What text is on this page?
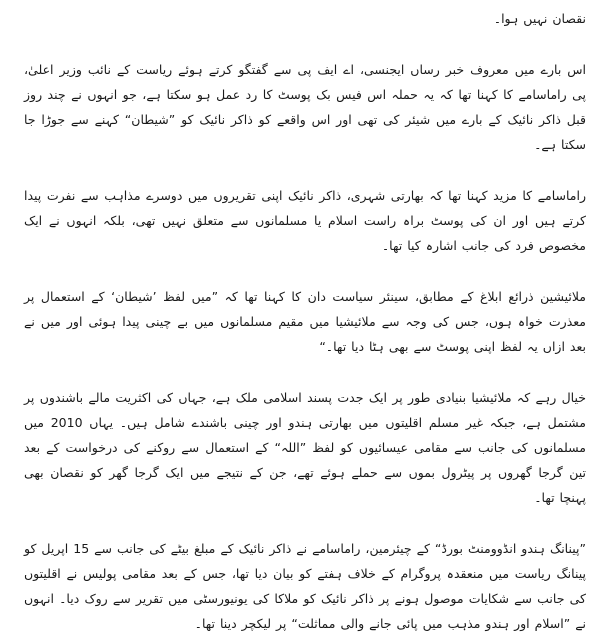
نقصان نہیں ہوا۔

اس بارے میں معروف خبر رساں ایجنسی، اے ایف پی سے گفتگو کرتے ہوئے ریاست کے نائب وزیر اعلیٰ، پی راماسامے کا کہنا تھا کہ یہ حملہ اس فیس بک پوسٹ کا رد عمل ہو سکتا ہے، جو انہوں نے چند روز قبل ذاکر نائیک کے بارے میں شیئر کی تھی اور اس واقعے کو ذاکر نائیک کو ”شیطان“ کہنے سے جوڑا جا سکتا ہے۔

راماسامے کا مزید کہنا تھا کہ بھارتی شہری، ذاکر نائیک اپنی تقریروں میں دوسرے مذاہب سے نفرت پیدا کرتے ہیں اور ان کی پوسٹ براہ راست اسلام یا مسلمانوں سے متعلق نہیں تھی، بلکہ انہوں نے ایک مخصوص فرد کی جانب اشارہ کیا تھا۔

ملائیشین ذرائع ابلاغ کے مطابق، سینئر سیاست دان کا کہنا تھا کہ ”میں لفظ ’شیطان‘ کے استعمال پر معذرت خواہ ہوں، جس کی وجہ سے ملائیشیا میں مقیم مسلمانوں میں بے چینی پیدا ہوئی اور میں نے بعد ازاں یہ لفظ اپنی پوسٹ سے بھی ہٹا دیا تھا۔“

خیال رہے کہ ملائیشیا بنیادی طور پر ایک جدت پسند اسلامی ملک ہے، جہاں کی اکثریت مالے باشندوں پر مشتمل ہے، جبکہ غیر مسلم اقلیتوں میں بھارتی ہندو اور چینی باشندے شامل ہیں۔ یہاں 2010 میں مسلمانوں کی جانب سے مقامی عیسائیوں کو لفظ ”اللہ“ کے استعمال سے روکنے کی درخواست کے بعد تین گرجا گھروں پر پیٹرول بموں سے حملے ہوئے تھے، جن کے نتیجے میں ایک گرجا گھر کو نقصان بھی پہنچا تھا۔

”پینانگ ہندو انڈوومنٹ بورڈ“ کے چیئرمین، راماسامے نے ذاکر نائیک کے مبلغ بیٹے کی جانب سے 15 اپریل کو پینانگ ریاست میں منعقدہ پروگرام کے خلاف ہفتے کو بیان دیا تھا، جس کے بعد مقامی پولیس نے اقلیتوں کی جانب سے شکایات موصول ہونے پر ذاکر نائیک کو ملاکا کی یونیورسٹی میں تقریر سے روک دیا۔ انہوں نے ”اسلام اور ہندو مذہب میں پائی جانے والی مماثلت“ پر لیکچر دینا تھا۔
